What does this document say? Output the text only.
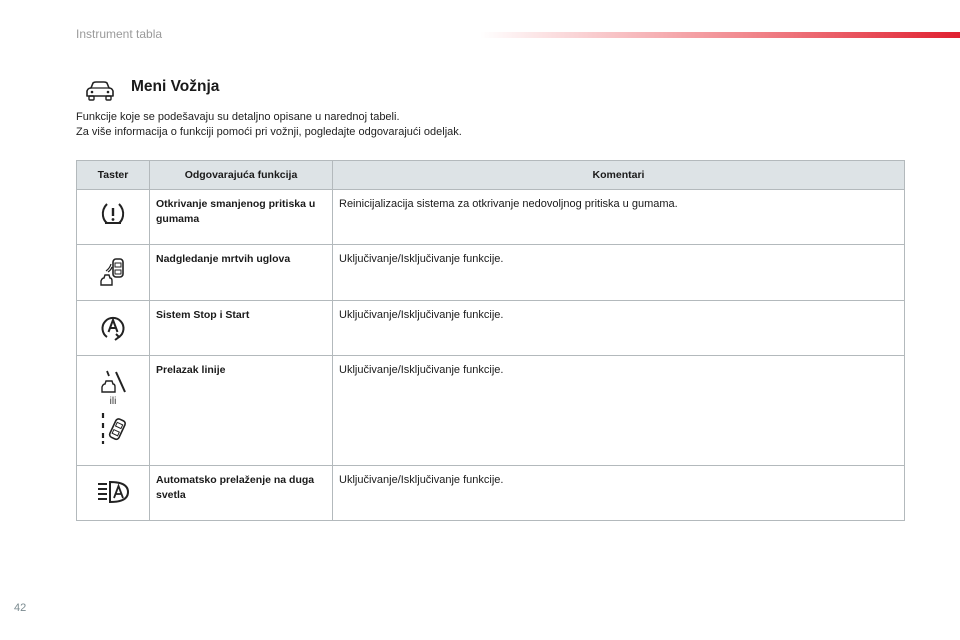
Instrument tabla
Meni Vožnja

Funkcije koje se podešavaju su detaljno opisane u narednoj tabeli.

Za više informacija o funkciji pomoći pri vožnji, pogledajte odgovarajući odeljak.

Taster	Odgovarajuća funkcija	Komentari

	Otkrivanje smanjenog pritiska u gumama	Reinicijalizacija sistema za otkrivanje nedovoljnog pritiska u gumama.

	Nadgledanje mrtvih uglova	Uključivanje/Isključivanje funkcije.

	Sistem Stop i Start	Uključivanje/Isključivanje funkcije.

ili	Prelazak linije	Uključivanje/Isključivanje funkcije.

	Automatsko prelaženje na duga svetla	Uključivanje/Isključivanje funkcije.
42
